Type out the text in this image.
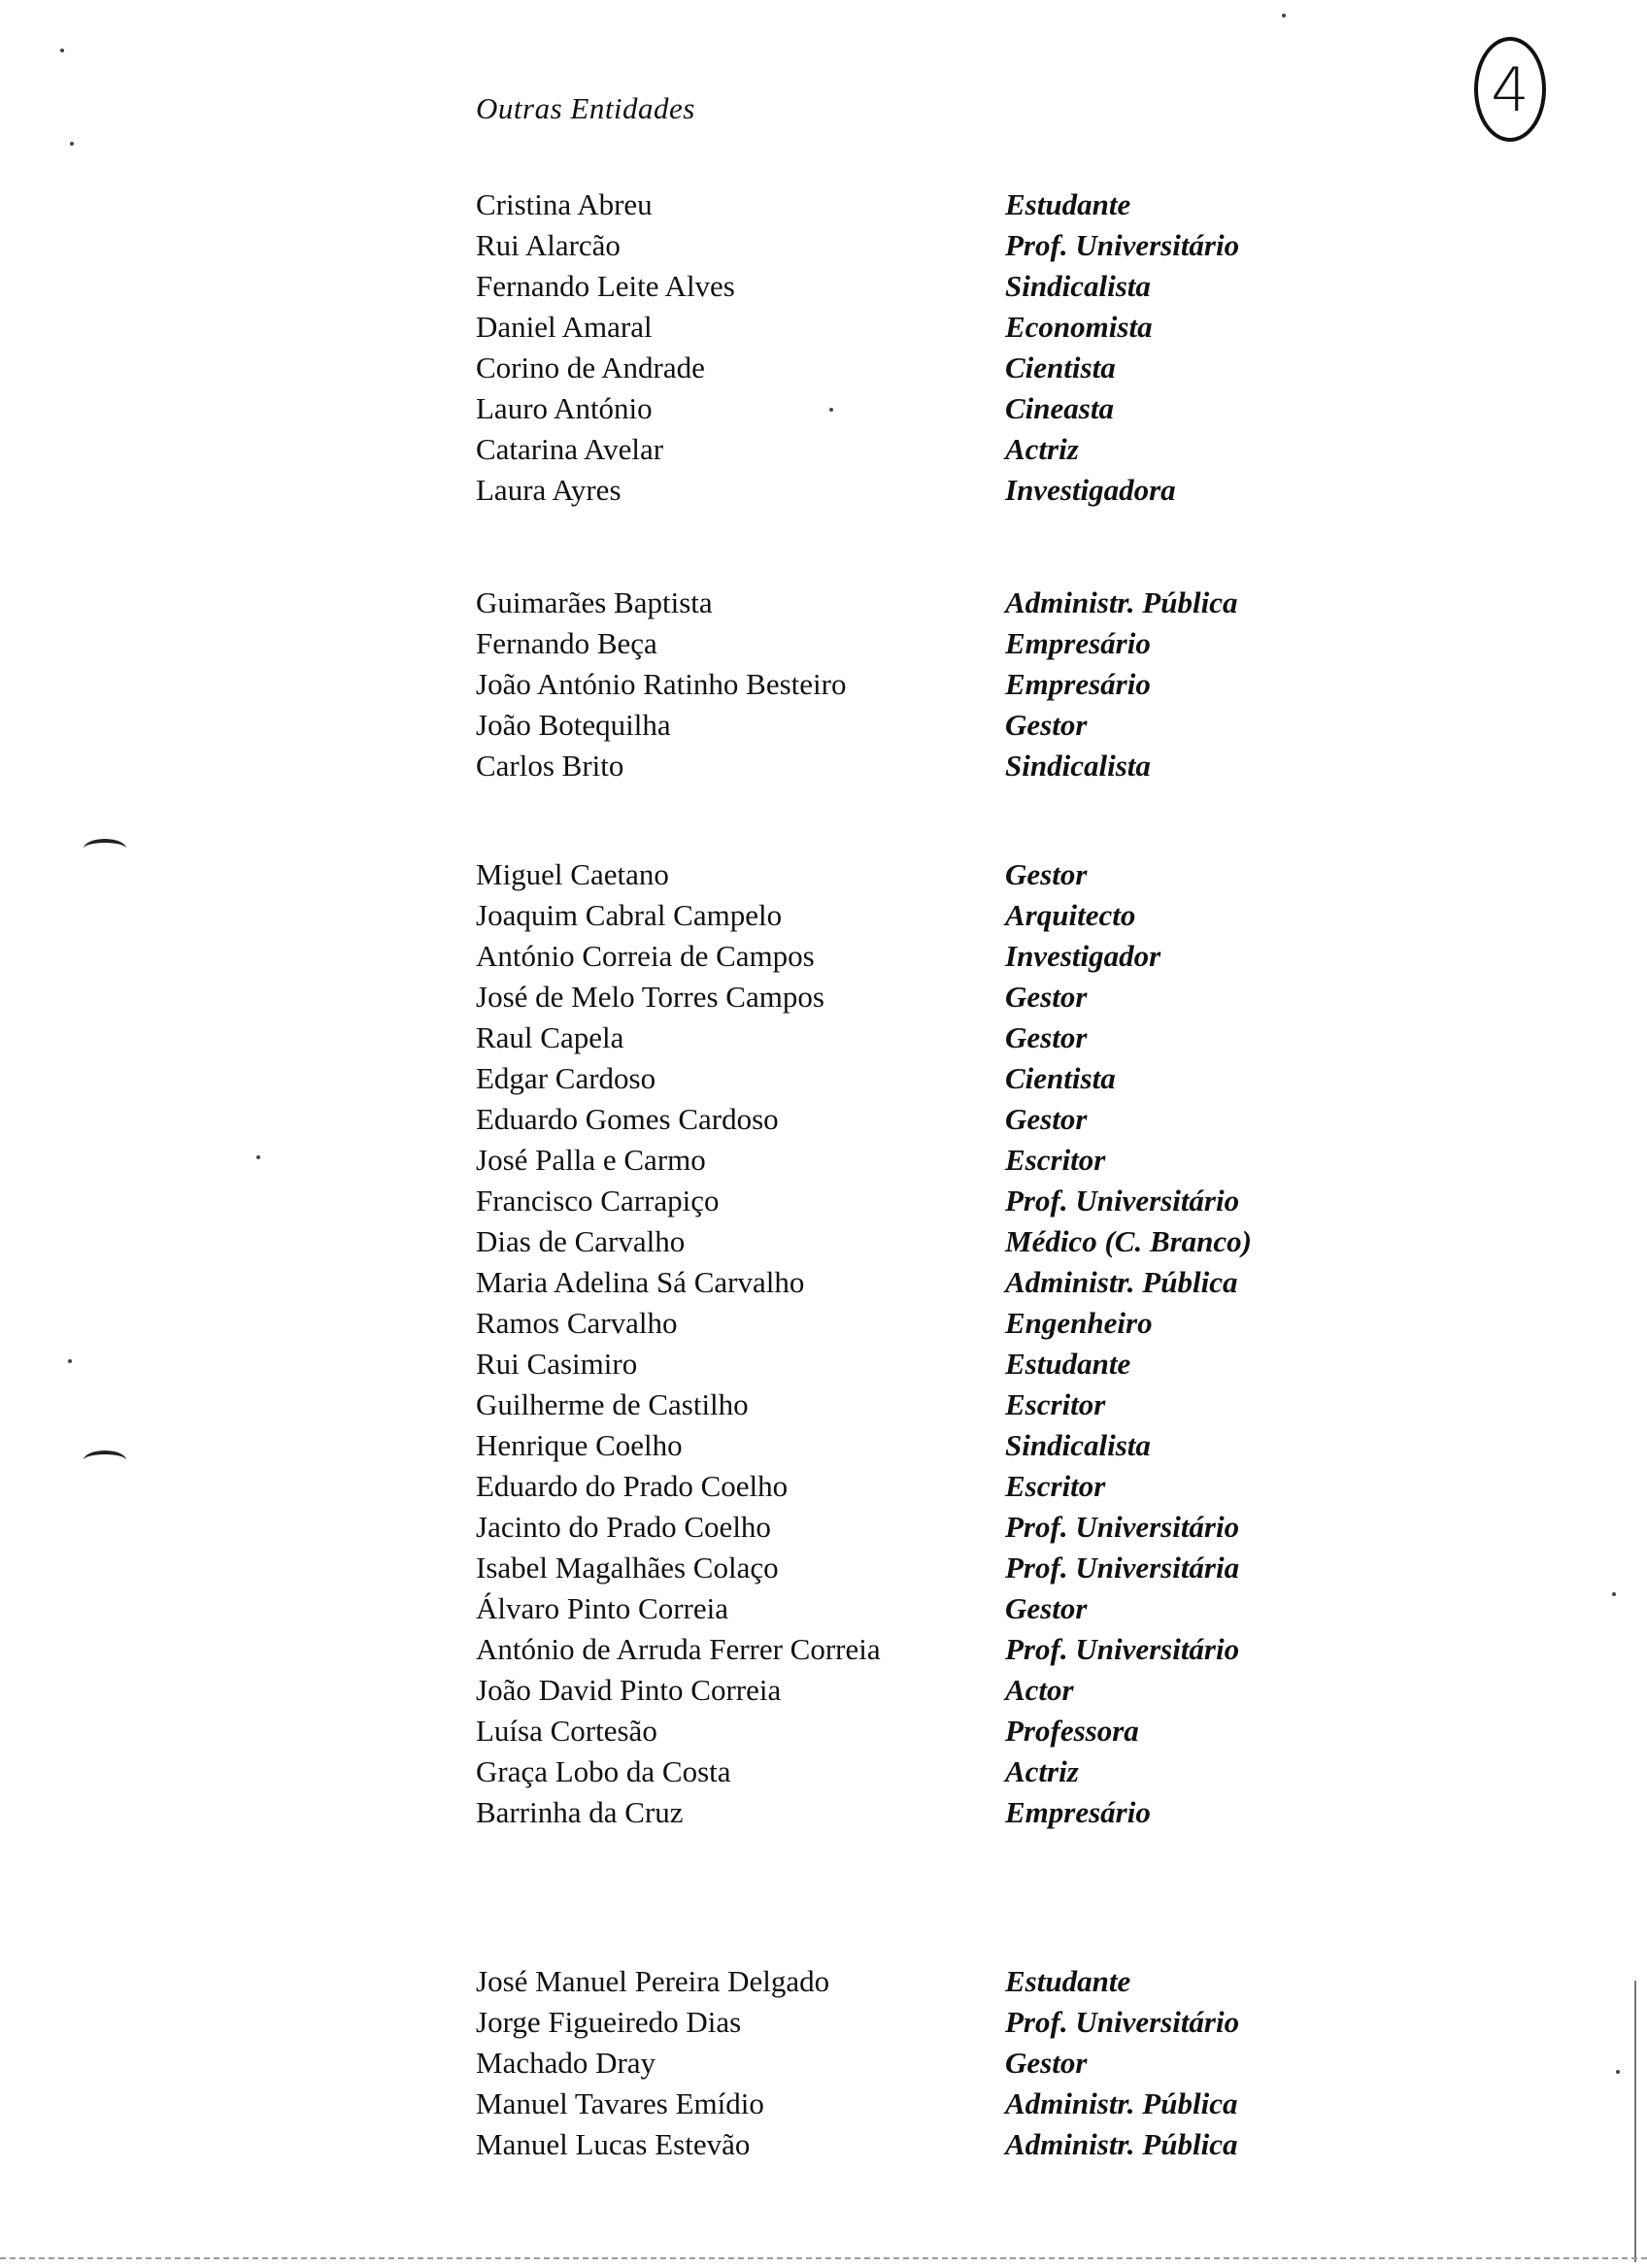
Outras Entidades	4
Cristina Abreu	Estudante
Rui Alarcão	Prof. Universitário
Fernando Leite Alves	Sindicalista
Daniel Amaral	Economista
Corino de Andrade	Cientista
Lauro António	Cineasta
Catarina Avelar	Actriz
Laura Ayres	Investigadora
Guimarães Baptista	Administr. Pública
Fernando Beça	Empresário
João António Ratinho Besteiro	Empresário
João Botequilha	Gestor
Carlos Brito	Sindicalista
Miguel Caetano	Gestor
Joaquim Cabral Campelo	Arquitecto
António Correia de Campos	Investigador
José de Melo Torres Campos	Gestor
Raul Capela	Gestor
Edgar Cardoso	Cientista
Eduardo Gomes Cardoso	Gestor
José Palla e Carmo	Escritor
Francisco Carrapiço	Prof. Universitário
Dias de Carvalho	Médico (C. Branco)
Maria Adelina Sá Carvalho	Administr. Pública
Ramos Carvalho	Engenheiro
Rui Casimiro	Estudante
Guilherme de Castilho	Escritor
Henrique Coelho	Sindicalista
Eduardo do Prado Coelho	Escritor
Jacinto do Prado Coelho	Prof. Universitário
Isabel Magalhães Colaço	Prof. Universitária
Álvaro Pinto Correia	Gestor
António de Arruda Ferrer Correia	Prof. Universitário
João David Pinto Correia	Actor
Luísa Cortesão	Professora
Graça Lobo da Costa	Actriz
Barrinha da Cruz	Empresário
José Manuel Pereira Delgado	Estudante
Jorge Figueiredo Dias	Prof. Universitário
Machado Dray	Gestor
Manuel Tavares Emídio	Administr. Pública
Manuel Lucas Estevão	Administr. Pública
